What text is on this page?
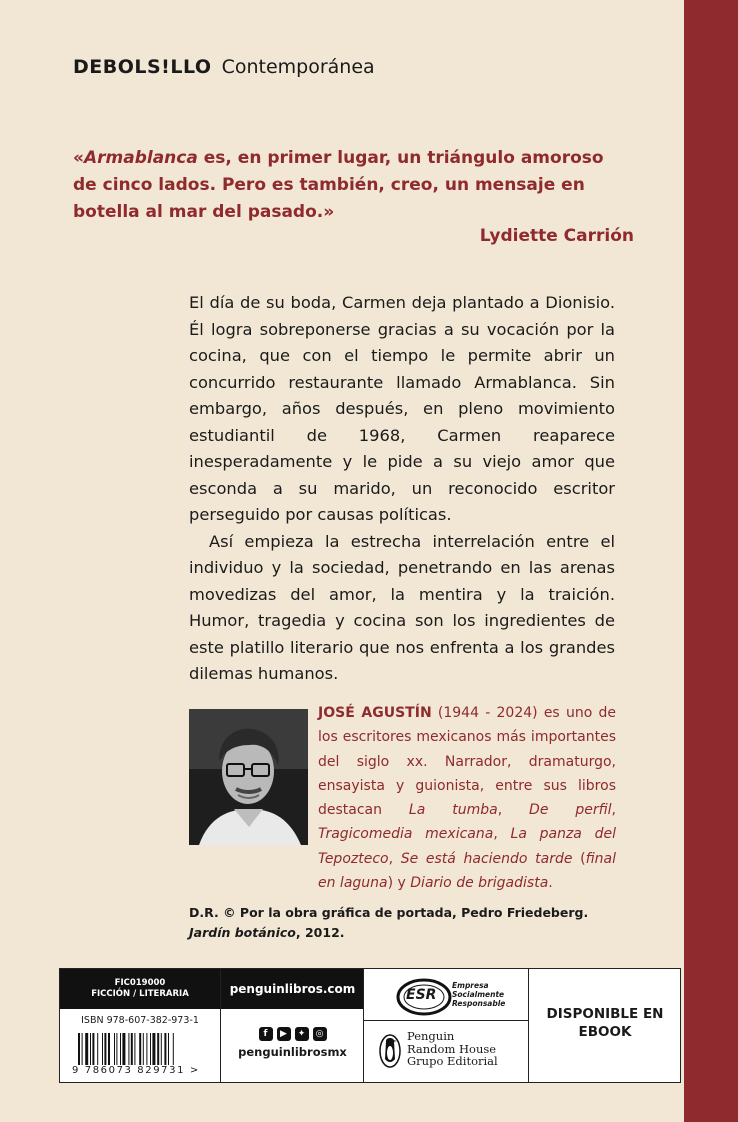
DEBOLS!LLO Contemporánea
«Armablanca es, en primer lugar, un triángulo amoroso de cinco lados. Pero es también, creo, un mensaje en botella al mar del pasado.»
Lydiette Carrión

El día de su boda, Carmen deja plantado a Dionisio. Él logra sobreponerse gracias a su vocación por la cocina, que con el tiempo le permite abrir un concurrido restaurante llamado Armablanca. Sin embargo, años después, en pleno movimiento estudiantil de 1968, Carmen reaparece inesperadamente y le pide a su viejo amor que esconda a su marido, un reconocido escritor perseguido por causas políticas.

Así empieza la estrecha interrelación entre el individuo y la sociedad, penetrando en las arenas movedizas del amor, la mentira y la traición. Humor, tragedia y cocina son los ingredientes de este platillo literario que nos enfrenta a los grandes dilemas humanos.

JOSÉ AGUSTÍN (1944 - 2024) es uno de los escritores mexicanos más importantes del siglo xx. Narrador, dramaturgo, ensayista y guionista, entre sus libros destacan La tumba, De perfil, Tragicomedia mexicana, La panza del Tepozteco, Se está haciendo tarde (final en laguna) y Diario de brigadista.
D.R. © Por la obra gráfica de portada, Pedro Friedeberg.
Jardín botánico, 2012.
FIC019000
FICCIÓN / LITERARIA
ISBN 978-607-382-973-1
9 786073 829731 >
penguinlibros.com
f	▶	✦	◎
penguinlibrosmx
ESR
Empresa
Socialmente
Responsable
Penguin
Random House
Grupo Editorial
DISPONIBLE EN
EBOOK
